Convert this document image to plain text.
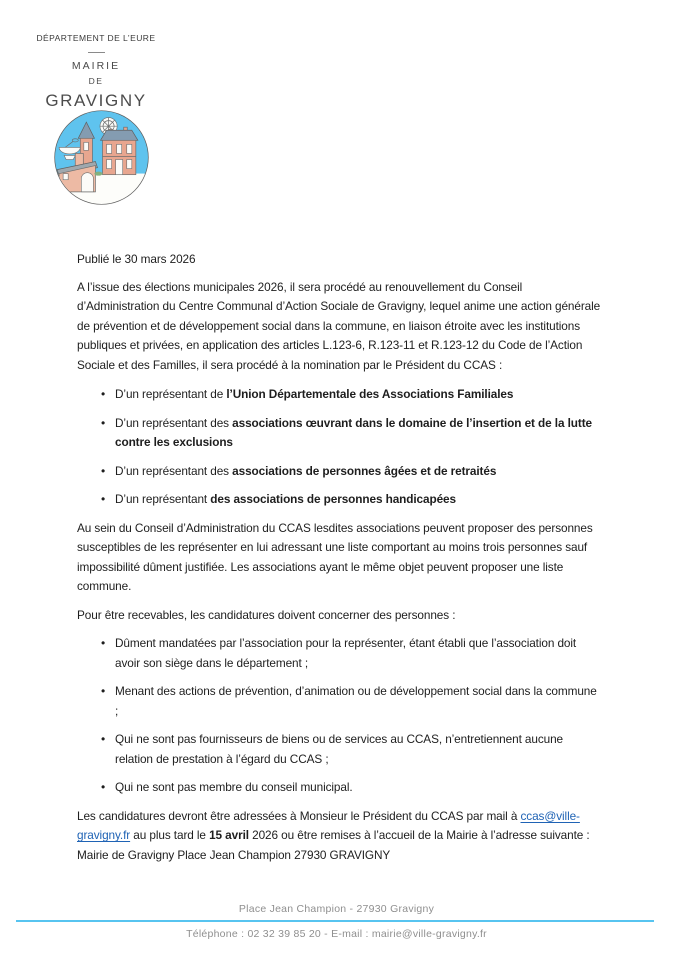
DÉPARTEMENT DE L’EURE
MAIRIE
DE
GRAVIGNY

Publié le 30 mars 2026

A l’issue des élections municipales 2026, il sera procédé au renouvellement du Conseil d’Administration du Centre Communal d’Action Sociale de Gravigny, lequel anime une action générale de prévention et de développement social dans la commune, en liaison étroite avec les institutions publiques et privées, en application des articles L.123-6, R.123-11 et R.123-12 du Code de l’Action Sociale et des Familles, il sera procédé à la nomination par le Président du CCAS :

• D’un représentant de l’Union Départementale des Associations Familiales
• D’un représentant des associations œuvrant dans le domaine de l’insertion et de la lutte contre les exclusions
• D’un représentant des associations de personnes âgées et de retraités
• D’un représentant des associations de personnes handicapées

Au sein du Conseil d’Administration du CCAS lesdites associations peuvent proposer des personnes susceptibles de les représenter en lui adressant une liste comportant au moins trois personnes sauf impossibilité dûment justifiée. Les associations ayant le même objet peuvent proposer une liste commune.

Pour être recevables, les candidatures doivent concerner des personnes :

• Dûment mandatées par l’association pour la représenter, étant établi que l’association doit avoir son siège dans le département ;
• Menant des actions de prévention, d’animation ou de développement social dans la commune ;
• Qui ne sont pas fournisseurs de biens ou de services au CCAS, n’entretiennent aucune relation de prestation à l’égard du CCAS ;
• Qui ne sont pas membre du conseil municipal.

Les candidatures devront être adressées à Monsieur le Président du CCAS par mail à ccas@ville-gravigny.fr au plus tard le 15 avril 2026 ou être remises à l’accueil de la Mairie à l’adresse suivante : Mairie de Gravigny Place Jean Champion 27930 GRAVIGNY

Place Jean Champion - 27930 Gravigny
Téléphone : 02 32 39 85 20 - E-mail : mairie@ville-gravigny.fr
